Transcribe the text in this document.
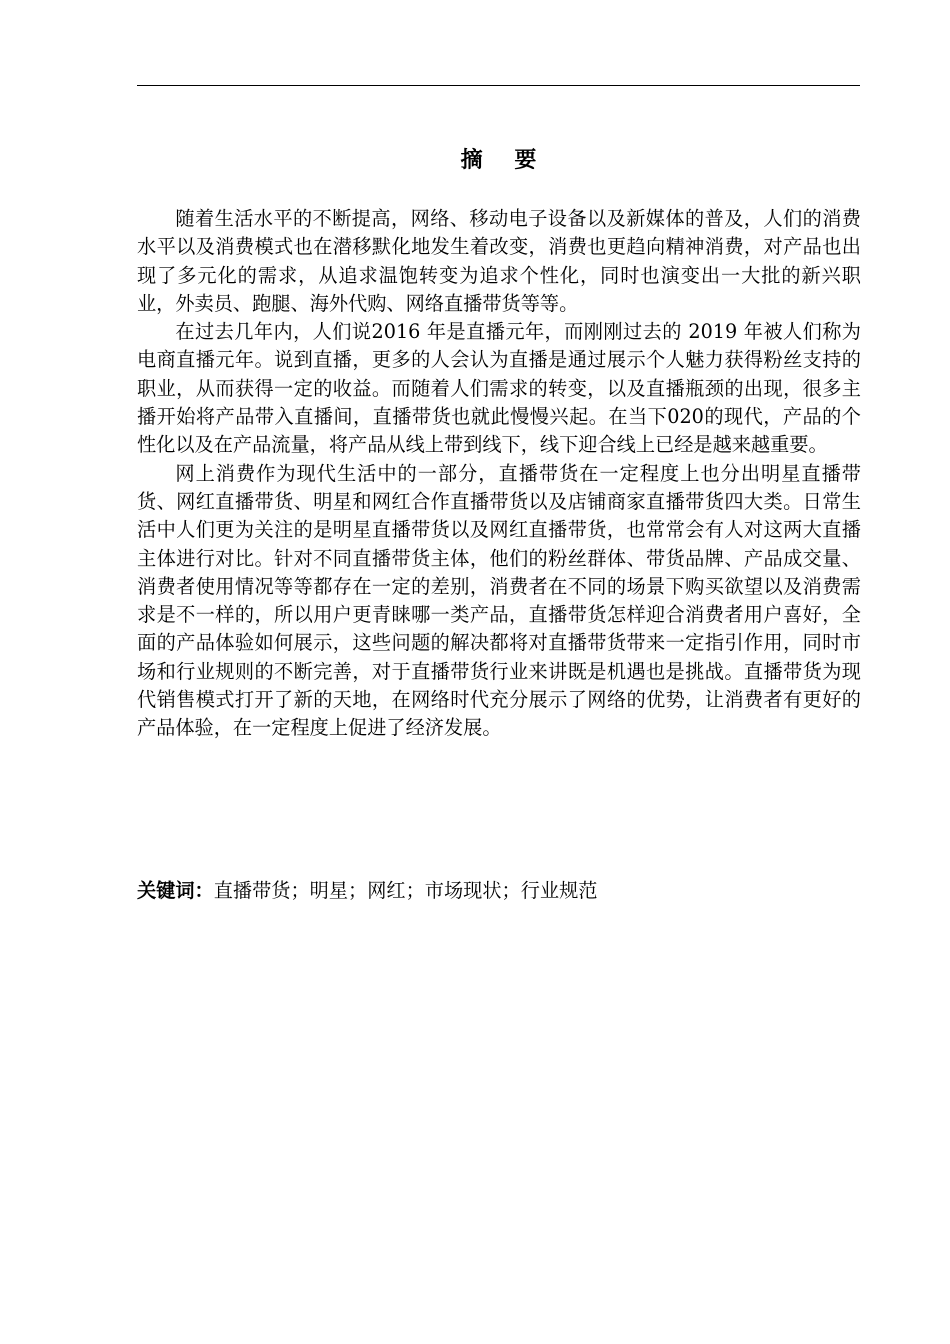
摘 要

随着生活水平的不断提高，网络、移动电子设备以及新媒体的普及，人们的消费水平以及消费模式也在潜移默化地发生着改变，消费也更趋向精神消费，对产品也出现了多元化的需求，从追求温饱转变为追求个性化，同时也演变出一大批的新兴职业，外卖员、跑腿、海外代购、网络直播带货等等。

在过去几年内，人们说2016 年是直播元年，而刚刚过去的 2019 年被人们称为电商直播元年。说到直播，更多的人会认为直播是通过展示个人魅力获得粉丝支持的职业，从而获得一定的收益。而随着人们需求的转变，以及直播瓶颈的出现，很多主播开始将产品带入直播间，直播带货也就此慢慢兴起。在当下020的现代，产品的个性化以及在产品流量，将产品从线上带到线下，线下迎合线上已经是越来越重要。

网上消费作为现代生活中的一部分，直播带货在一定程度上也分出明星直播带货、网红直播带货、明星和网红合作直播带货以及店铺商家直播带货四大类。日常生活中人们更为关注的是明星直播带货以及网红直播带货，也常常会有人对这两大直播主体进行对比。针对不同直播带货主体，他们的粉丝群体、带货品牌、产品成交量、消费者使用情况等等都存在一定的差别，消费者在不同的场景下购买欲望以及消费需求是不一样的，所以用户更青睐哪一类产品，直播带货怎样迎合消费者用户喜好，全面的产品体验如何展示，这些问题的解决都将对直播带货带来一定指引作用，同时市场和行业规则的不断完善，对于直播带货行业来讲既是机遇也是挑战。直播带货为现代销售模式打开了新的天地，在网络时代充分展示了网络的优势，让消费者有更好的产品体验，在一定程度上促进了经济发展。

关键词：直播带货；明星；网红；市场现状；行业规范
